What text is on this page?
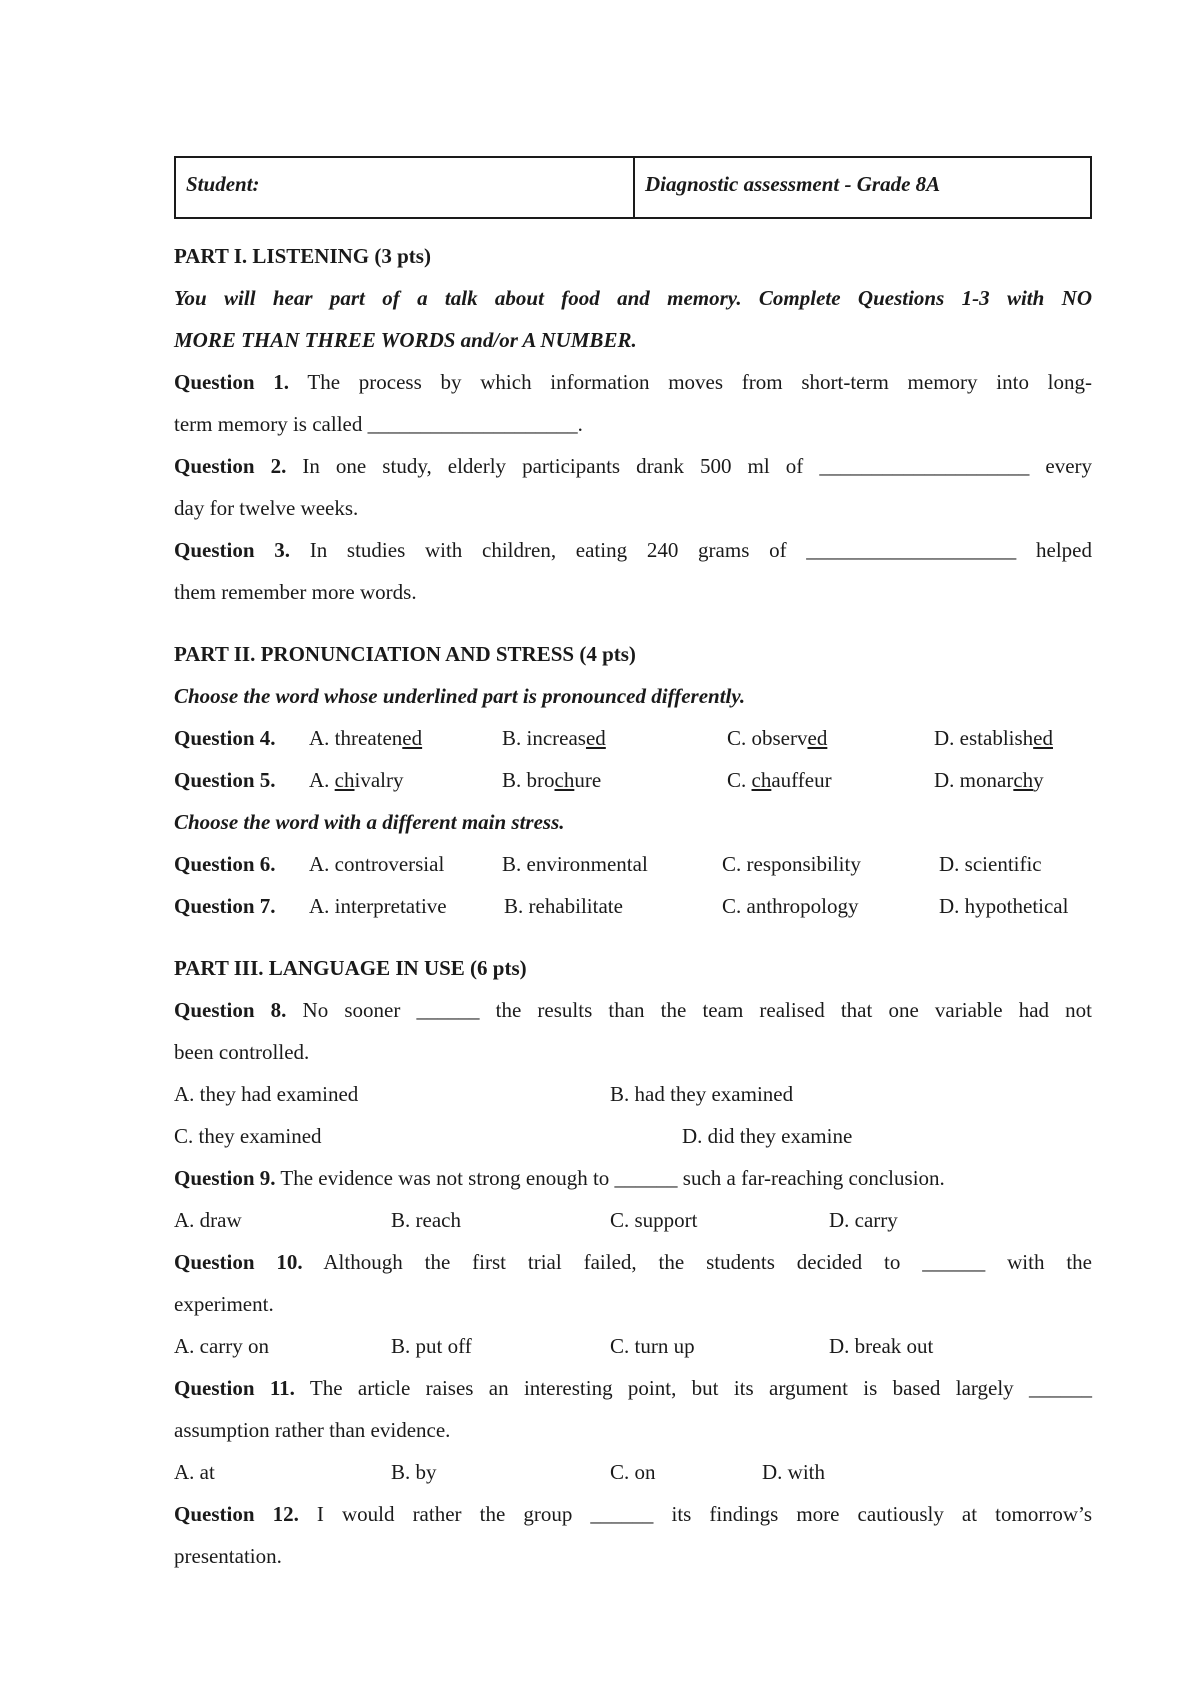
Student:	Diagnostic assessment - Grade 8A
PART I. LISTENING (3 pts)
You will hear part of a talk about food and memory. Complete Questions 1-3 with NO
MORE THAN THREE WORDS and/or A NUMBER.
Question 1. The process by which information moves from short-term memory into long-
term memory is called ____________________.
Question 2. In one study, elderly participants drank 500 ml of ____________________ every
day for twelve weeks.
Question 3. In studies with children, eating 240 grams of ____________________ helped
them remember more words.
PART II. PRONUNCIATION AND STRESS (4 pts)
Choose the word whose underlined part is pronounced differently.
Question 4. A. threatened	B. increased	C. observed	D. established
Question 5. A. chivalry	B. brochure	C. chauffeur	D. monarchy
Choose the word with a different main stress.
Question 6. A. controversial	B. environmental	C. responsibility	D. scientific
Question 7. A. interpretative	B. rehabilitate	C. anthropology	D. hypothetical
PART III. LANGUAGE IN USE (6 pts)
Question 8. No sooner ______ the results than the team realised that one variable had not
been controlled.
A. they had examined	B. had they examined
C. they examined	D. did they examine
Question 9. The evidence was not strong enough to ______ such a far-reaching conclusion.
A. draw	B. reach	C. support	D. carry
Question 10. Although the first trial failed, the students decided to ______ with the
experiment.
A. carry on	B. put off	C. turn up	D. break out
Question 11. The article raises an interesting point, but its argument is based largely ______
assumption rather than evidence.
A. at	B. by	C. on	D. with
Question 12. I would rather the group ______ its findings more cautiously at tomorrow’s
presentation.
